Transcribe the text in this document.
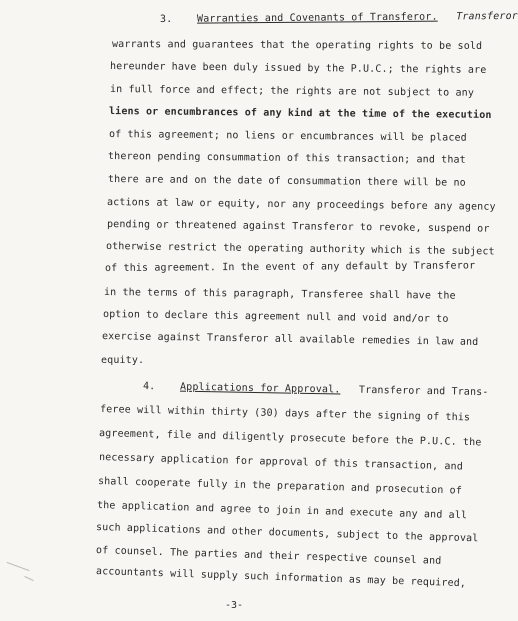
3. Warranties and Covenants of Transferor. Transferor
warrants and guarantees that the operating rights to be sold
hereunder have been duly issued by the P.U.C.; the rights are
in full force and effect; the rights are not subject to any
liens or encumbrances of any kind at the time of the execution
of this agreement; no liens or encumbrances will be placed
thereon pending consummation of this transaction; and that
there are and on the date of consummation there will be no
actions at law or equity, nor any proceedings before any agency
pending or threatened against Transferor to revoke, suspend or
otherwise restrict the operating authority which is the subject
of this agreement. In the event of any default by Transferor
in the terms of this paragraph, Transferee shall have the
option to declare this agreement null and void and/or to
exercise against Transferor all available remedies in law and
equity.
4. Applications for Approval. Transferor and Trans-
feree will within thirty (30) days after the signing of this
agreement, file and diligently prosecute before the P.U.C. the
necessary application for approval of this transaction, and
shall cooperate fully in the preparation and prosecution of
the application and agree to join in and execute any and all
such applications and other documents, subject to the approval
of counsel. The parties and their respective counsel and
accountants will supply such information as may be required,
-3-
